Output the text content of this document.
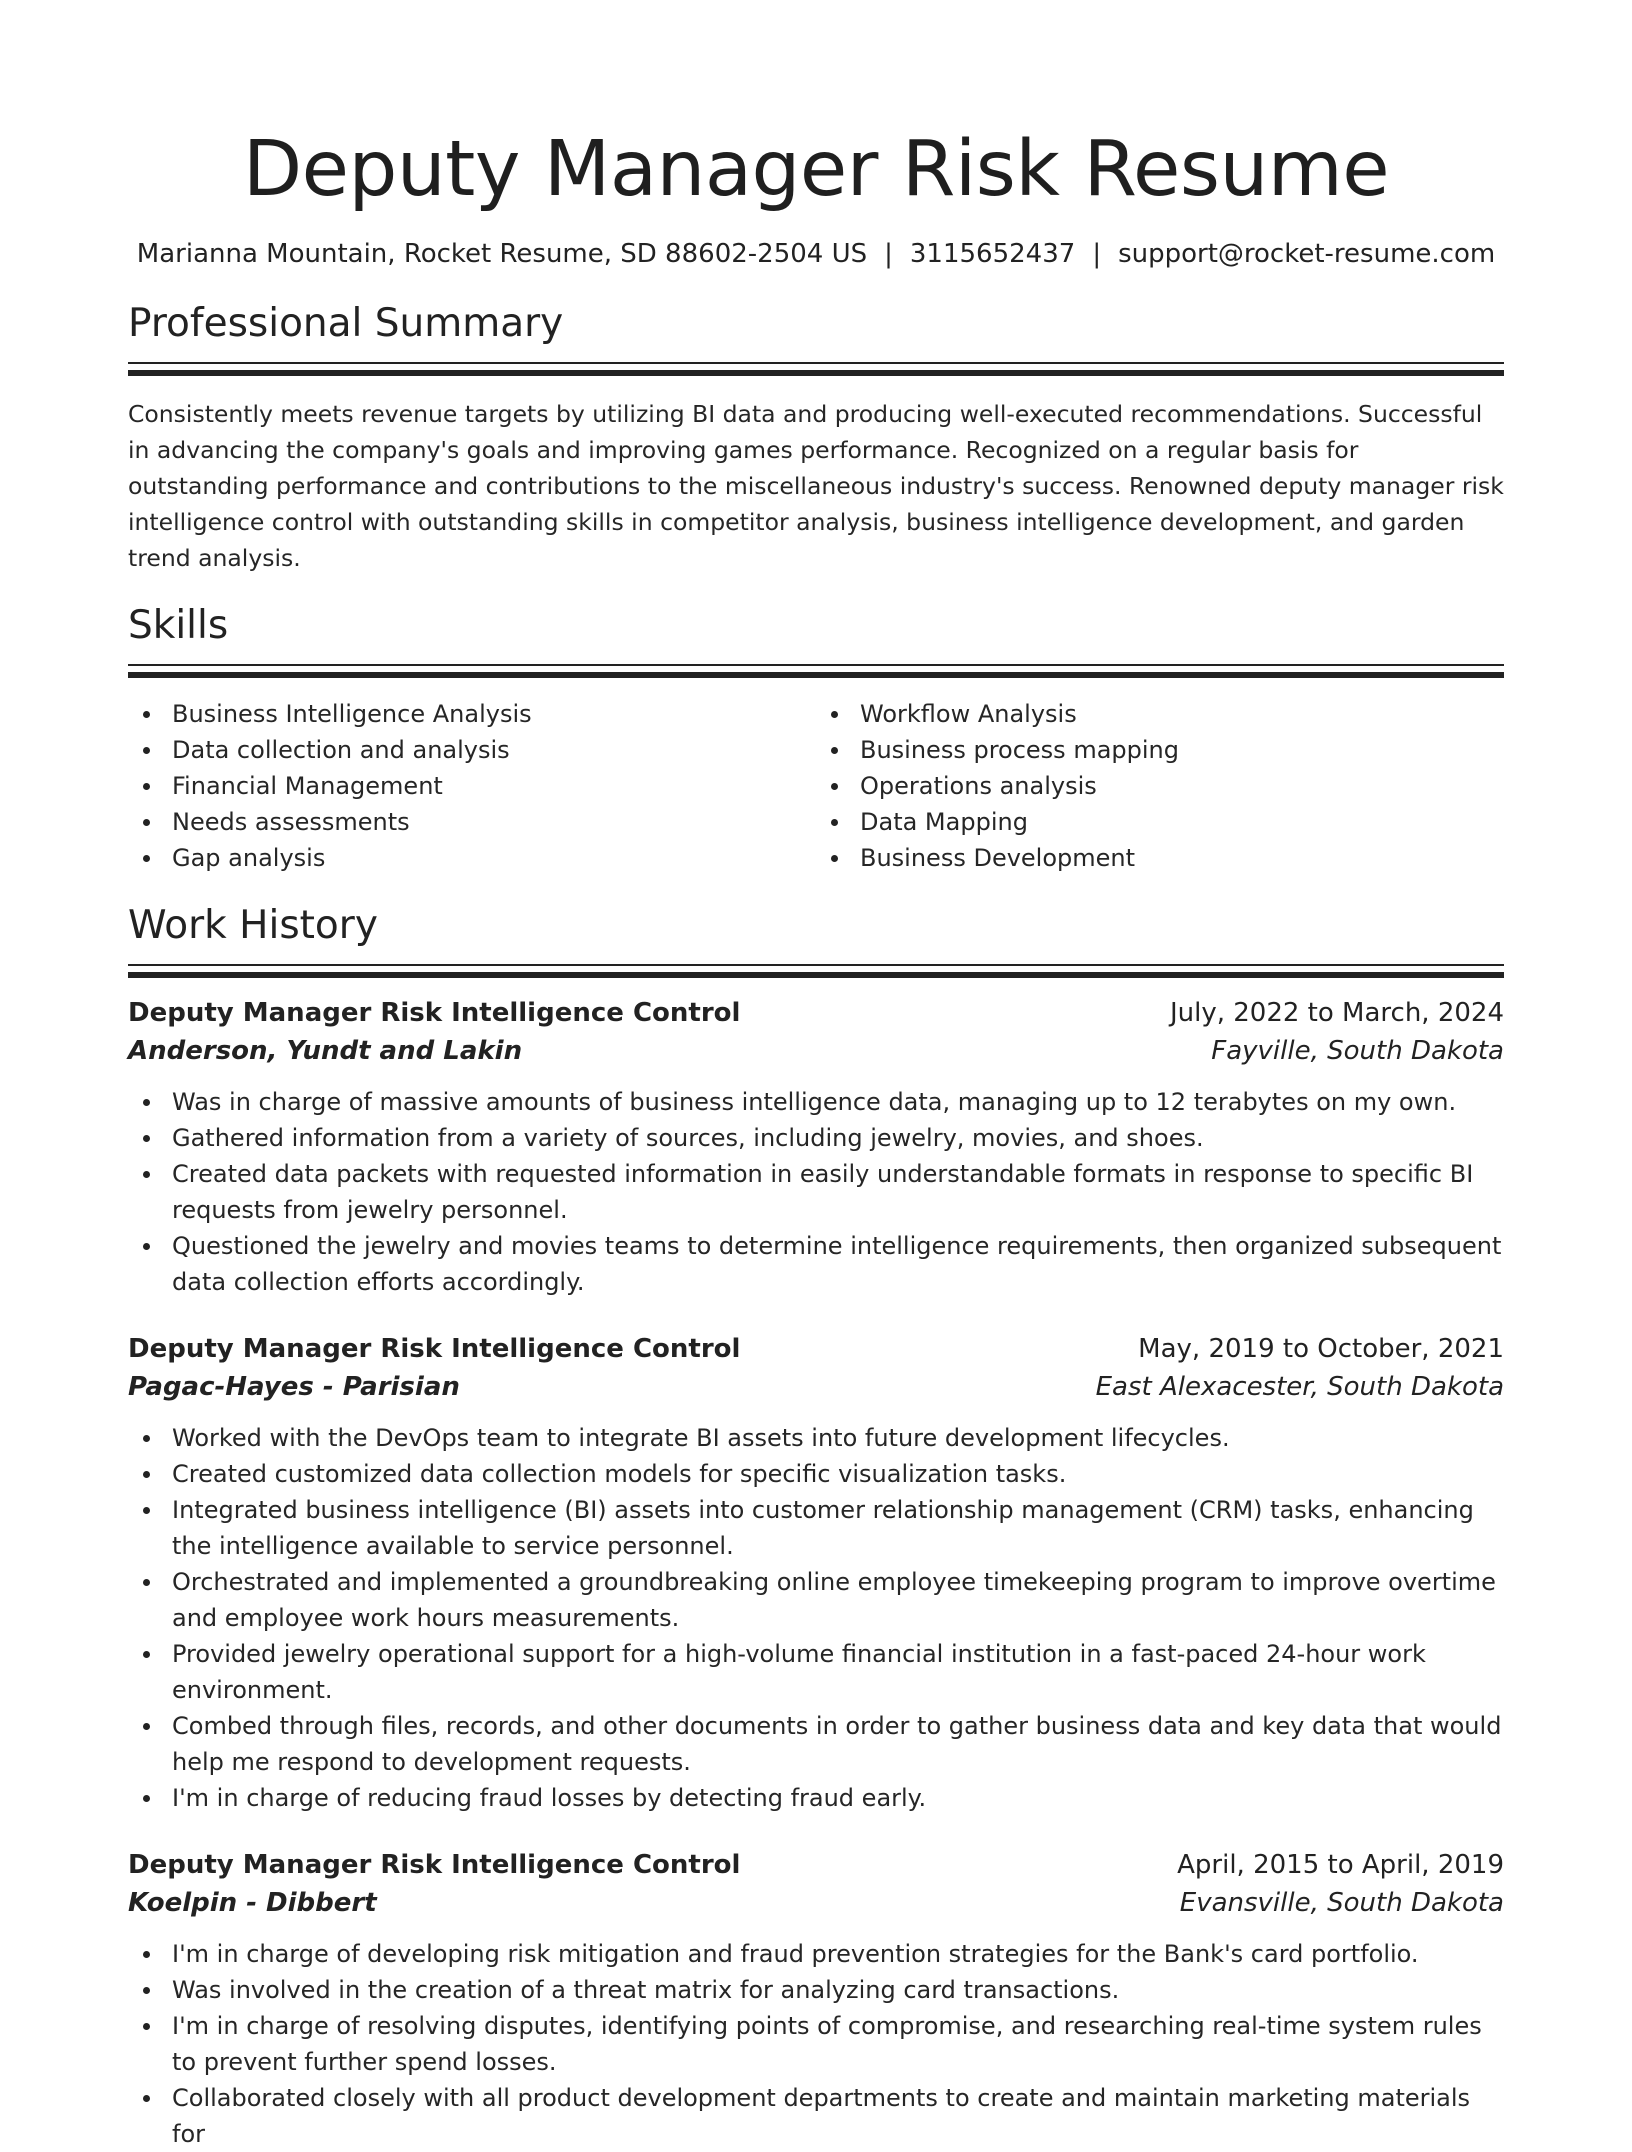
Deputy Manager Risk Resume
Marianna Mountain, Rocket Resume, SD 88602-2504 US | 3115652437 | support@rocket-resume.com
Professional Summary

Consistently meets revenue targets by utilizing BI data and producing well-executed recommendations. Successful in advancing the company's goals and improving games performance. Recognized on a regular basis for outstanding performance and contributions to the miscellaneous industry's success. Renowned deputy manager risk intelligence control with outstanding skills in competitor analysis, business intelligence development, and garden trend analysis.

Skills
Business Intelligence Analysis
Data collection and analysis
Financial Management
Needs assessments
Gap analysis
Workflow Analysis
Business process mapping
Operations analysis
Data Mapping
Business Development
Work History
Deputy Manager Risk Intelligence Control	July, 2022 to March, 2024
Anderson, Yundt and Lakin	Fayville, South Dakota
Was in charge of massive amounts of business intelligence data, managing up to 12 terabytes on my own.
Gathered information from a variety of sources, including jewelry, movies, and shoes.
Created data packets with requested information in easily understandable formats in response to specific BI requests from jewelry personnel.
Questioned the jewelry and movies teams to determine intelligence requirements, then organized subsequent data collection efforts accordingly.
Deputy Manager Risk Intelligence Control	May, 2019 to October, 2021
Pagac-Hayes - Parisian	East Alexacester, South Dakota
Worked with the DevOps team to integrate BI assets into future development lifecycles.
Created customized data collection models for specific visualization tasks.
Integrated business intelligence (BI) assets into customer relationship management (CRM) tasks, enhancing the intelligence available to service personnel.
Orchestrated and implemented a groundbreaking online employee timekeeping program to improve overtime and employee work hours measurements.
Provided jewelry operational support for a high-volume financial institution in a fast-paced 24-hour work environment.
Combed through files, records, and other documents in order to gather business data and key data that would help me respond to development requests.
I'm in charge of reducing fraud losses by detecting fraud early.
Deputy Manager Risk Intelligence Control	April, 2015 to April, 2019
Koelpin - Dibbert	Evansville, South Dakota
I'm in charge of developing risk mitigation and fraud prevention strategies for the Bank's card portfolio.
Was involved in the creation of a threat matrix for analyzing card transactions.
I'm in charge of resolving disputes, identifying points of compromise, and researching real-time system rules to prevent further spend losses.
Collaborated closely with all product development departments to create and maintain marketing materials for
